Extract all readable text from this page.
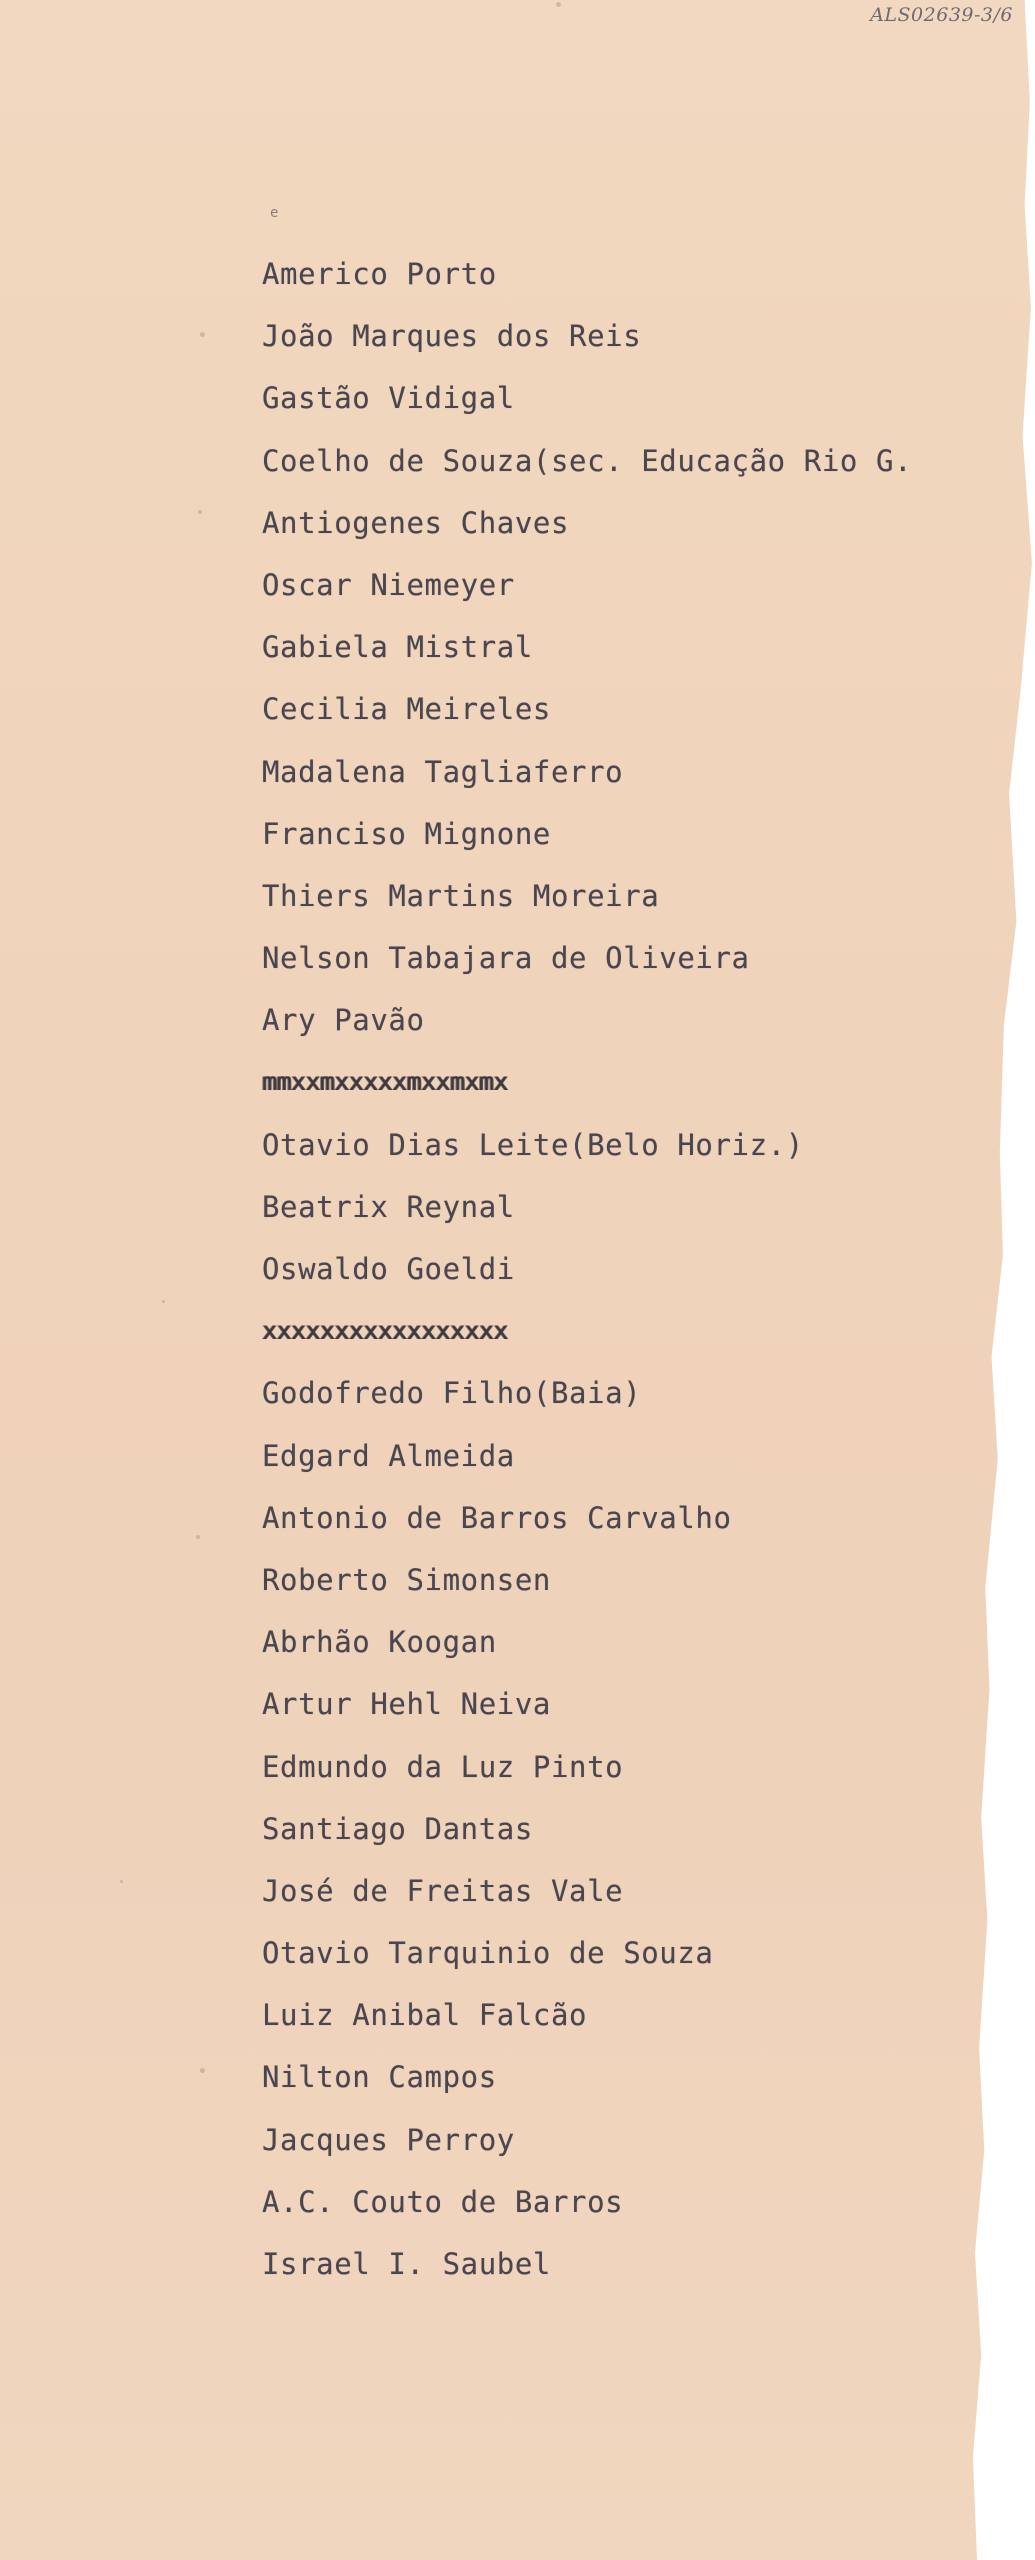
ALS02639-3/6
e
Americo Porto
João Marques dos Reis
Gastão Vidigal
Coelho de Souza(sec. Educação Rio G.
Antiogenes Chaves
Oscar Niemeyer
Gabiela Mistral
Cecilia Meireles
Madalena Tagliaferro
Franciso Mignone
Thiers Martins Moreira
Nelson Tabajara de Oliveira
Ary Pavão
mmxxmxxxxxmxxmxmx
Otavio Dias Leite(Belo Horiz.)
Beatrix Reynal
Oswaldo Goeldi
xxxxxxxxxxxxxxxxx
Godofredo Filho(Baia)
Edgard Almeida
Antonio de Barros Carvalho
Roberto Simonsen
Abrhão Koogan
Artur Hehl Neiva
Edmundo da Luz Pinto
Santiago Dantas
José de Freitas Vale
Otavio Tarquinio de Souza
Luiz Anibal Falcão
Nilton Campos
Jacques Perroy
A.C. Couto de Barros
Israel I. Saubel
